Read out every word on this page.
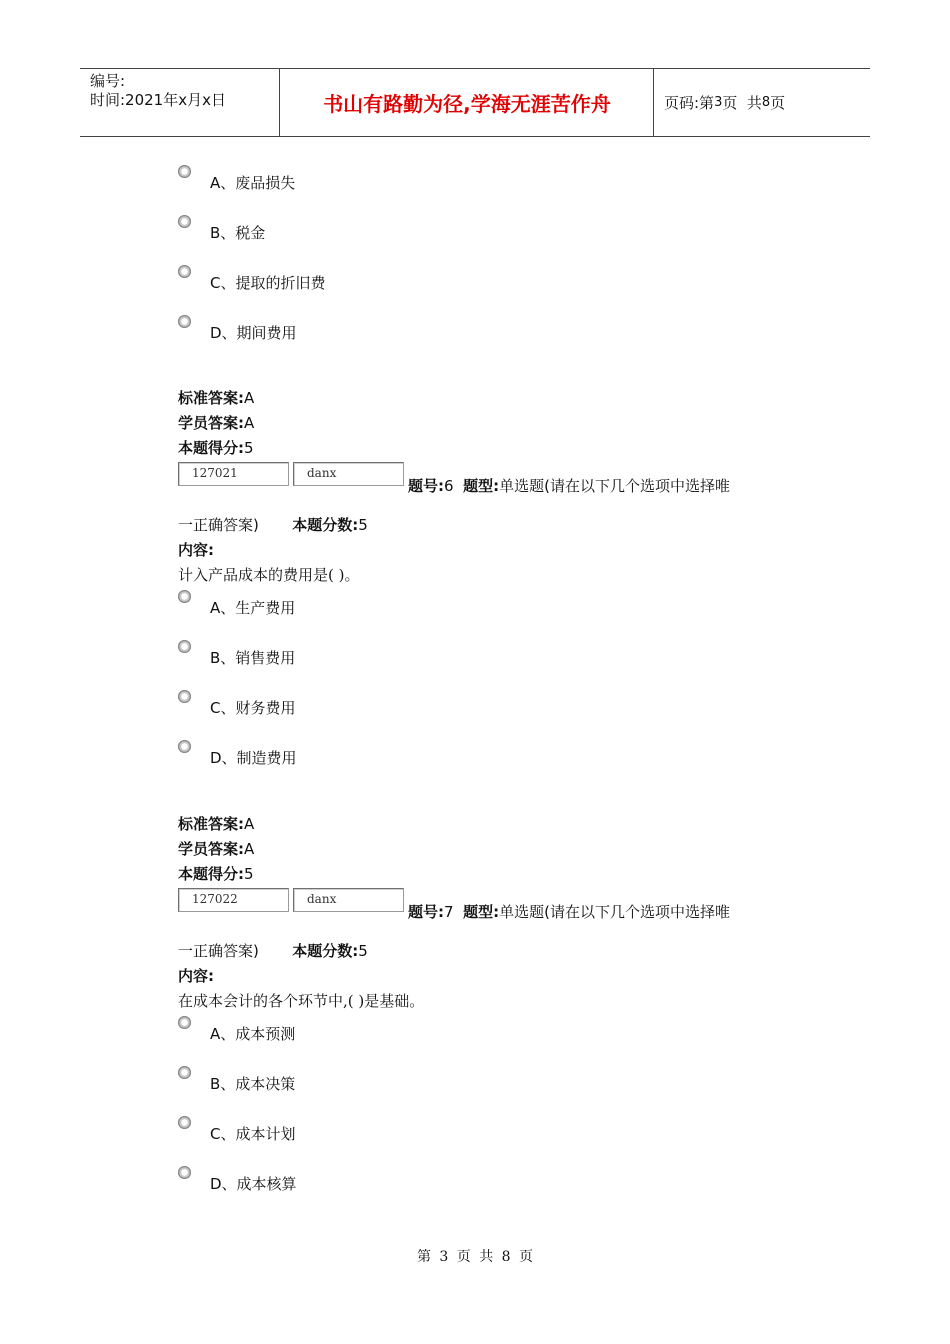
编号:
时间:2021年x月x日	书山有路勤为径,学海无涯苦作舟	页码:第 3 页  共 8 页
A、废品损失
B、税金
C、提取的折旧费
D、期间费用
标准答案:A
学员答案:A
本题得分:5
127021	danx
题号:6 题型:单选题(请在以下几个选项中选择唯
一正确答案) 本题分数:5
内容:
计入产品成本的费用是( )。
A、生产费用
B、销售费用
C、财务费用
D、制造费用
标准答案:A
学员答案:A
本题得分:5
127022	danx
题号:7 题型:单选题(请在以下几个选项中选择唯
一正确答案) 本题分数:5
内容:
在成本会计的各个环节中,( )是基础。
A、成本预测
B、成本决策
C、成本计划
D、成本核算
第 3 页 共 8 页
